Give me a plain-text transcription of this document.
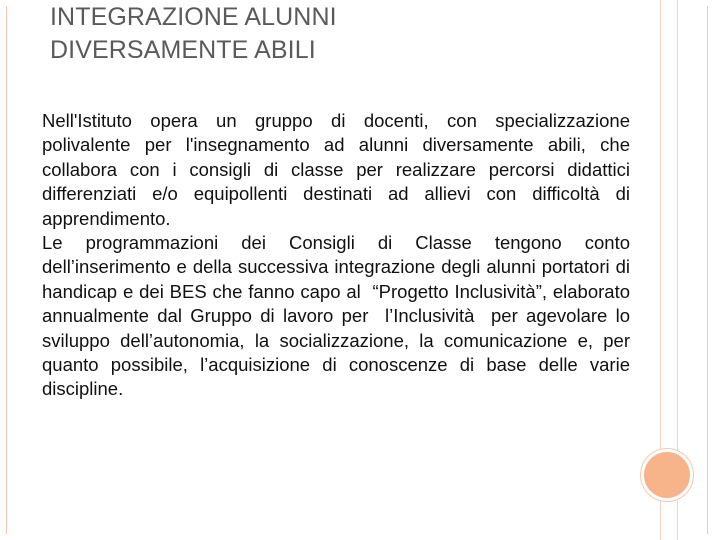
INTEGRAZIONE ALUNNI
DIVERSAMENTE ABILI

Nell'Istituto opera un gruppo di docenti, con specializzazione polivalente per l'insegnamento ad alunni diversamente abili, che collabora con i consigli di classe per realizzare percorsi didattici differenziati e/o equipollenti destinati ad allievi con difficoltà di apprendimento.

Le programmazioni dei Consigli di Classe tengono conto dell’inserimento e della successiva integrazione degli alunni portatori di handicap e dei BES che fanno capo al  “Progetto Inclusività”, elaborato annualmente dal Gruppo di lavoro per  l’Inclusività  per agevolare lo sviluppo dell’autonomia, la socializzazione, la comunicazione e, per quanto possibile, l’acquisizione di conoscenze di base delle varie discipline.
